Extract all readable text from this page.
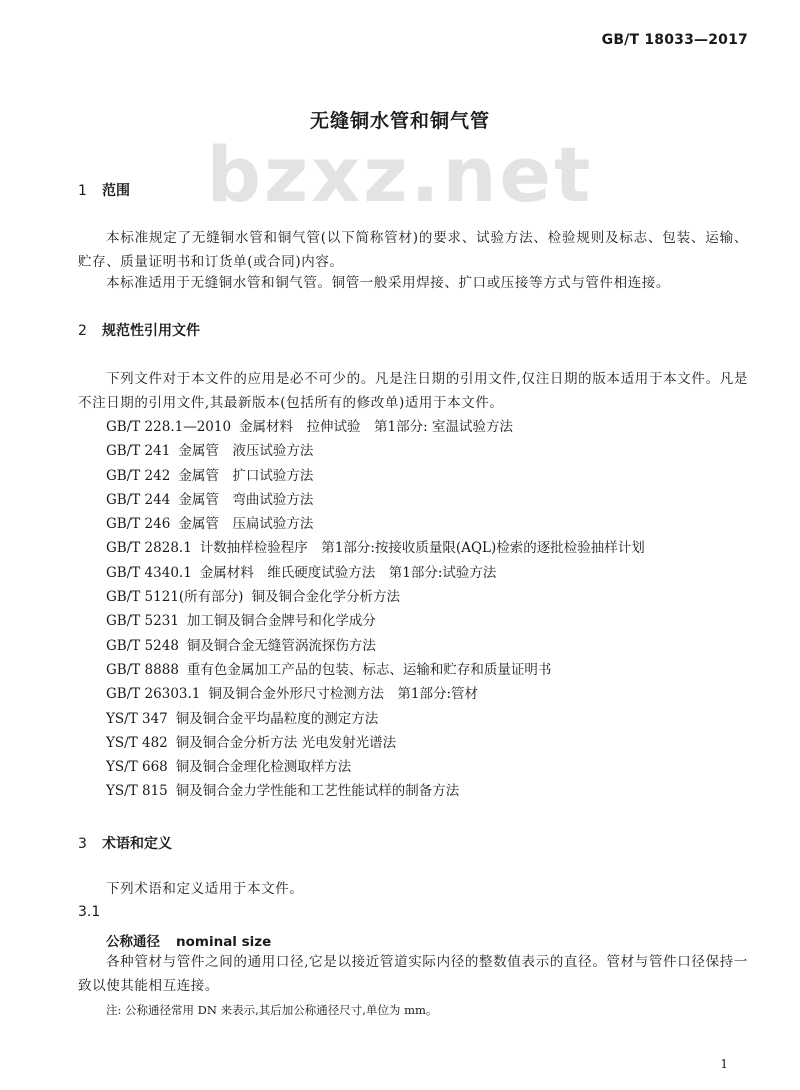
GB/T 18033—2017
bzxz.net
无缝铜水管和铜气管
1 范围
本标准规定了无缝铜水管和铜气管(以下简称管材)的要求、试验方法、检验规则及标志、包装、运输、贮存、质量证明书和订货单(或合同)内容。
本标准适用于无缝铜水管和铜气管。铜管一般采用焊接、扩口或压接等方式与管件相连接。
2 规范性引用文件
下列文件对于本文件的应用是必不可少的。凡是注日期的引用文件,仅注日期的版本适用于本文件。凡是不注日期的引用文件,其最新版本(包括所有的修改单)适用于本文件。
GB/T 228.1—2010 金属材料　拉伸试验　第1部分: 室温试验方法
GB/T 241 金属管　液压试验方法
GB/T 242 金属管　扩口试验方法
GB/T 244 金属管　弯曲试验方法
GB/T 246 金属管　压扁试验方法
GB/T 2828.1 计数抽样检验程序　第1部分:按接收质量限(AQL)检索的逐批检验抽样计划
GB/T 4340.1 金属材料　维氏硬度试验方法　第1部分:试验方法
GB/T 5121(所有部分) 铜及铜合金化学分析方法
GB/T 5231 加工铜及铜合金牌号和化学成分
GB/T 5248 铜及铜合金无缝管涡流探伤方法
GB/T 8888 重有色金属加工产品的包装、标志、运输和贮存和质量证明书
GB/T 26303.1 铜及铜合金外形尺寸检测方法　第1部分:管材
YS/T 347 铜及铜合金平均晶粒度的测定方法
YS/T 482 铜及铜合金分析方法 光电发射光谱法
YS/T 668 铜及铜合金理化检测取样方法
YS/T 815 铜及铜合金力学性能和工艺性能试样的制备方法
3 术语和定义
下列术语和定义适用于本文件。
3.1
公称通径 nominal size
各种管材与管件之间的通用口径,它是以接近管道实际内径的整数值表示的直径。管材与管件口径保持一致以使其能相互连接。
注: 公称通径常用 DN 来表示,其后加公称通径尺寸,单位为 mm。
1
